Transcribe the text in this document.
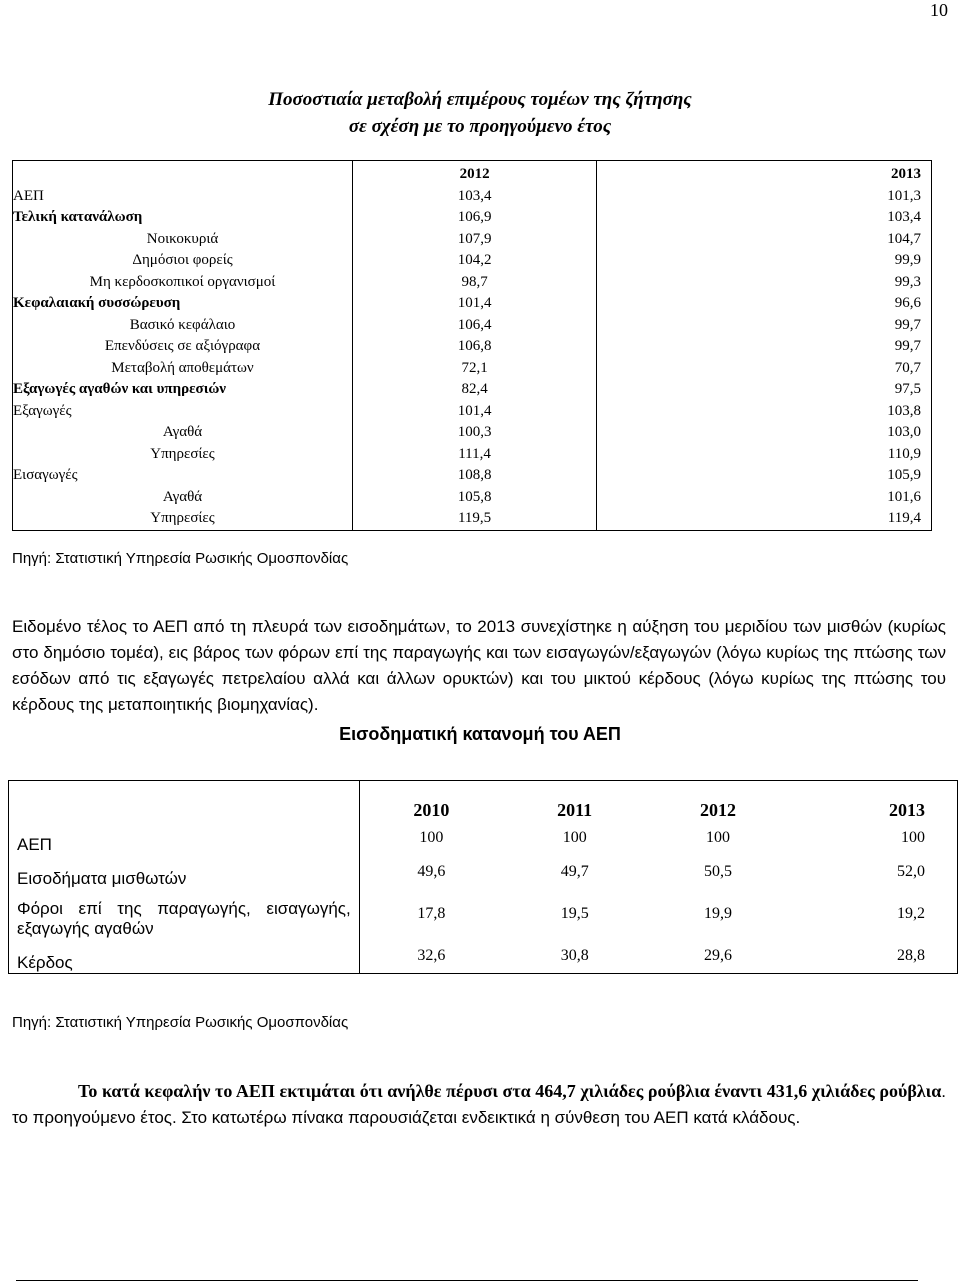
10
Ποσοστιαία μεταβολή επιμέρους τομέων της ζήτησης
σε σχέση με το προηγούμενο έτος
	2012	2013
ΑΕΠ	103,4	101,3
Τελική κατανάλωση	106,9	103,4
Νοικοκυριά	107,9	104,7
Δημόσιοι φορείς	104,2	99,9
Μη κερδοσκοπικοί οργανισμοί	98,7	99,3
Κεφαλαιακή συσσώρευση	101,4	96,6
Βασικό κεφάλαιο	106,4	99,7
Επενδύσεις σε αξιόγραφα	106,8	99,7
Μεταβολή αποθεμάτων	72,1	70,7
Εξαγωγές αγαθών και υπηρεσιών	82,4	97,5
Εξαγωγές	101,4	103,8
Αγαθά	100,3	103,0
Υπηρεσίες	111,4	110,9
Εισαγωγές	108,8	105,9
Αγαθά	105,8	101,6
Υπηρεσίες	119,5	119,4
Πηγή: Στατιστική Υπηρεσία Ρωσικής Ομοσπονδίας

Ειδομένο τέλος το ΑΕΠ από τη πλευρά των εισοδημάτων, το 2013 συνεχίστηκε η αύξηση του μεριδίου των μισθών (κυρίως στο δημόσιο τομέα), εις βάρος των φόρων επί της παραγωγής και των εισαγωγών/εξαγωγών (λόγω κυρίως της πτώσης των εσόδων από τις εξαγωγές πετρελαίου αλλά και άλλων ορυκτών) και του μικτού κέρδους (λόγω κυρίως της πτώσης του κέρδους της μεταποιητικής βιομηχανίας).

Εισοδηματική κατανομή του ΑΕΠ
	2010	2011	2012	2013
ΑΕΠ	100	100	100	100
Εισοδήματα μισθωτών	49,6	49,7	50,5	52,0
Φόροι επί της παραγωγής, εισαγωγής, εξαγωγής αγαθών	17,8	19,5	19,9	19,2
Κέρδος	32,6	30,8	29,6	28,8
Πηγή: Στατιστική Υπηρεσία Ρωσικής Ομοσπονδίας

Το κατά κεφαλήν το ΑΕΠ εκτιμάται ότι ανήλθε πέρυσι στα 464,7 χιλιάδες ρούβλια έναντι 431,6 χιλιάδες ρούβλια. το προηγούμενο έτος. Στο κατωτέρω πίνακα παρουσιάζεται ενδεικτικά η σύνθεση του ΑΕΠ κατά κλάδους.
